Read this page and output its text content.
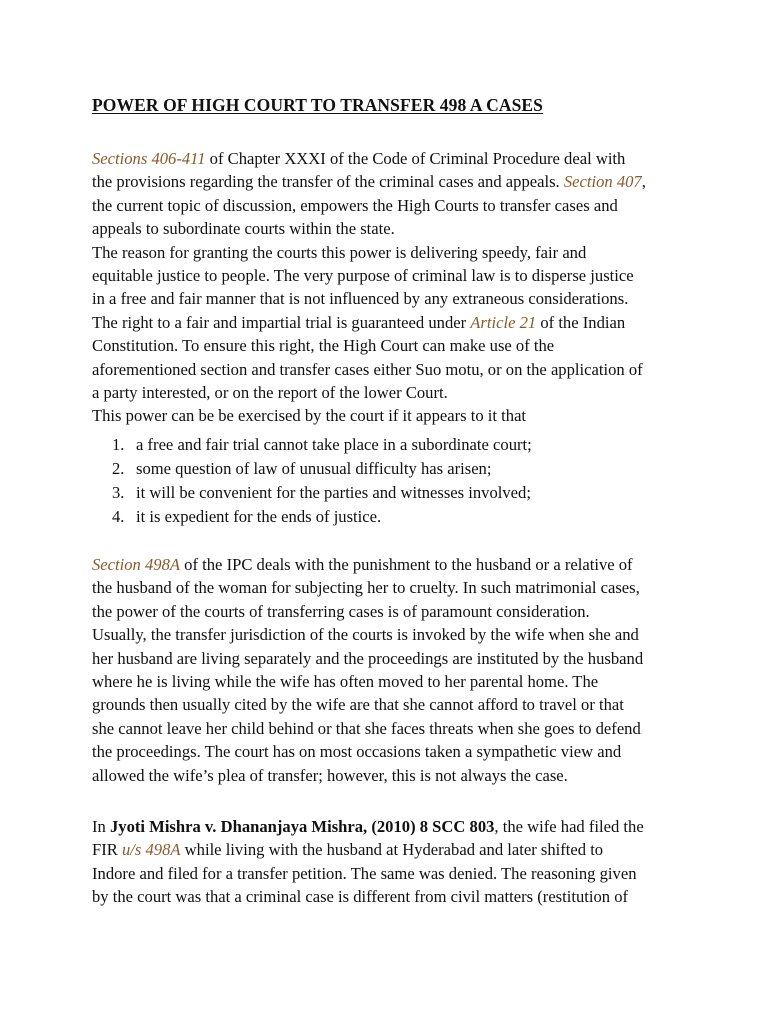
POWER OF HIGH COURT TO TRANSFER 498 A CASES

Sections 406-411 of Chapter XXXI of the Code of Criminal Procedure deal with
the provisions regarding the transfer of the criminal cases and appeals. Section 407,
the current topic of discussion, empowers the High Courts to transfer cases and
appeals to subordinate courts within the state.
The reason for granting the courts this power is delivering speedy, fair and
equitable justice to people. The very purpose of criminal law is to disperse justice
in a free and fair manner that is not influenced by any extraneous considerations.
The right to a fair and impartial trial is guaranteed under Article 21 of the Indian
Constitution. To ensure this right, the High Court can make use of the
aforementioned section and transfer cases either Suo motu, or on the application of
a party interested, or on the report of the lower Court.
This power can be be exercised by the court if it appears to it that

1. a free and fair trial cannot take place in a subordinate court;
2. some question of law of unusual difficulty has arisen;
3. it will be convenient for the parties and witnesses involved;
4. it is expedient for the ends of justice.

Section 498A of the IPC deals with the punishment to the husband or a relative of
the husband of the woman for subjecting her to cruelty. In such matrimonial cases,
the power of the courts of transferring cases is of paramount consideration.
Usually, the transfer jurisdiction of the courts is invoked by the wife when she and
her husband are living separately and the proceedings are instituted by the husband
where he is living while the wife has often moved to her parental home. The
grounds then usually cited by the wife are that she cannot afford to travel or that
she cannot leave her child behind or that she faces threats when she goes to defend
the proceedings. The court has on most occasions taken a sympathetic view and
allowed the wife’s plea of transfer; however, this is not always the case.

In Jyoti Mishra v. Dhananjaya Mishra, (2010) 8 SCC 803, the wife had filed the
FIR u/s 498A while living with the husband at Hyderabad and later shifted to
Indore and filed for a transfer petition. The same was denied. The reasoning given
by the court was that a criminal case is different from civil matters (restitution of
